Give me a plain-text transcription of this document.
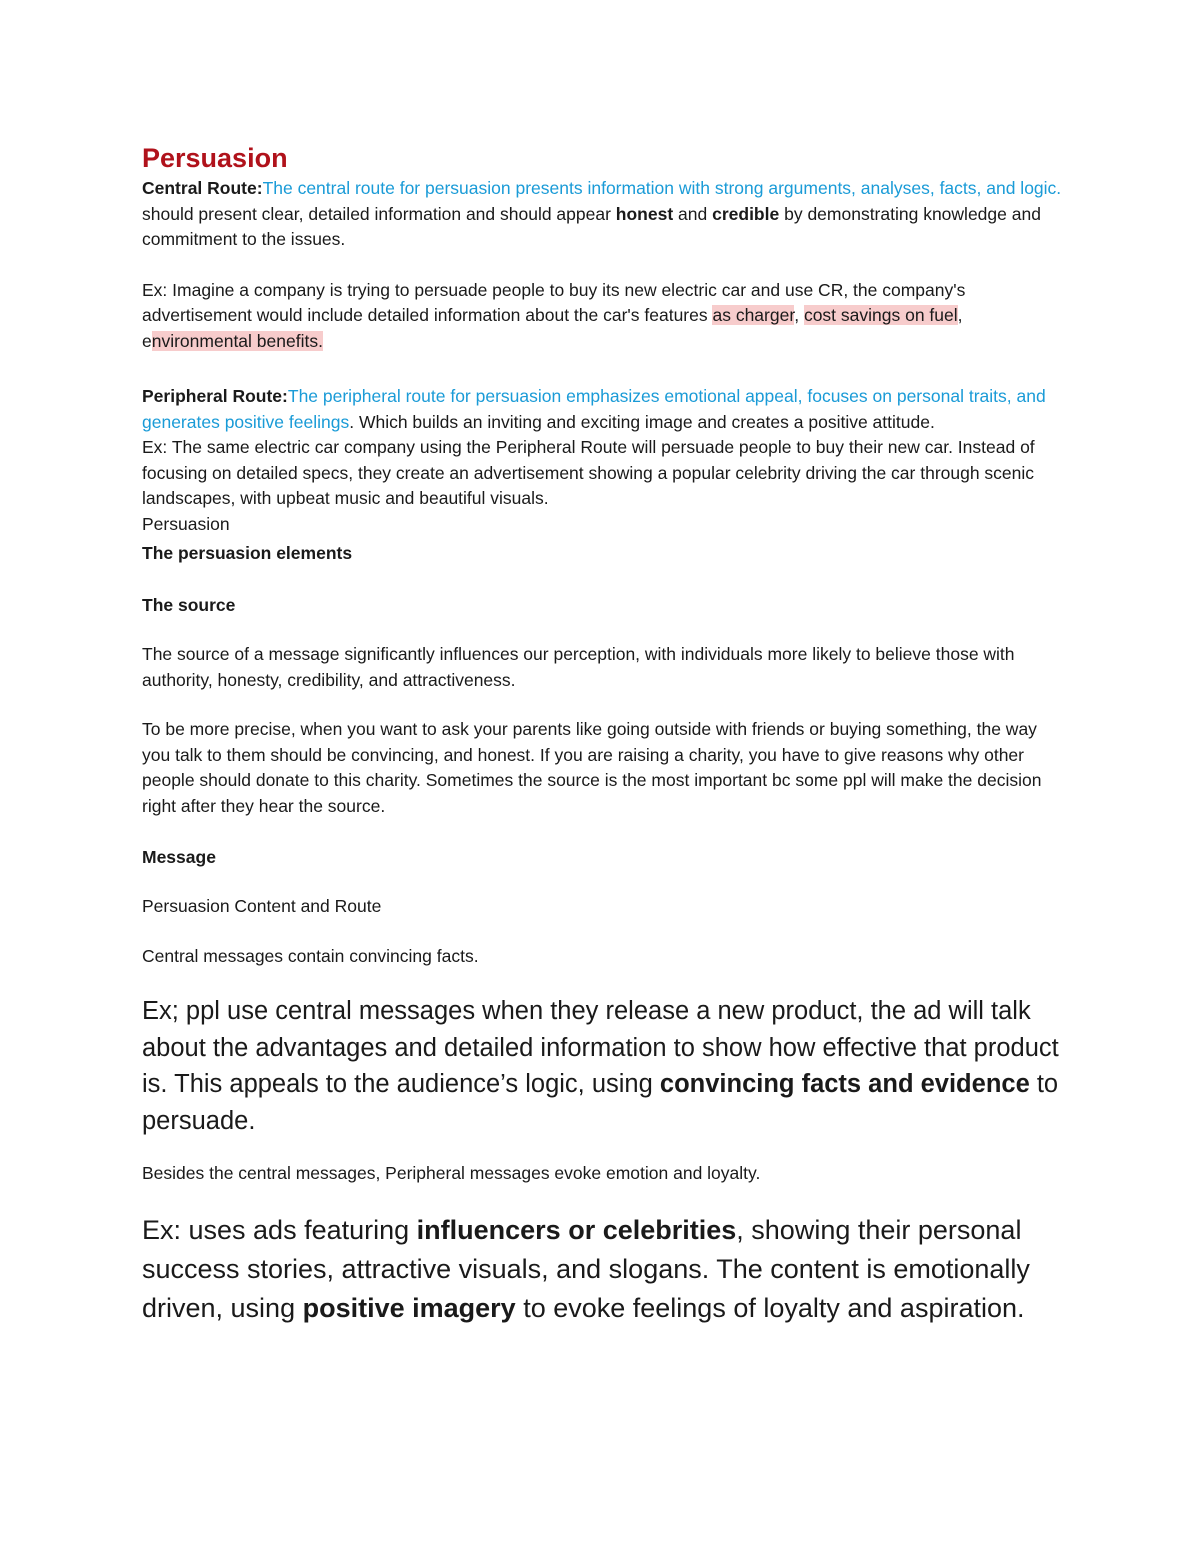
Persuasion

Central Route:The central route for persuasion presents information with strong arguments, analyses, facts, and logic. should present clear, detailed information and should appear honest and credible by demonstrating knowledge and commitment to the issues.

Ex: Imagine a company is trying to persuade people to buy its new electric car and use CR, the company's advertisement would include detailed information about the car's features as charger, cost savings on fuel, environmental benefits.

Peripheral Route:The peripheral route for persuasion emphasizes emotional appeal, focuses on personal traits, and generates positive feelings. Which builds an inviting and exciting image and creates a positive attitude.

Ex: The same electric car company using the Peripheral Route will persuade people to buy their new car. Instead of focusing on detailed specs, they create an advertisement showing a popular celebrity driving the car through scenic landscapes, with upbeat music and beautiful visuals.

Persuasion

The persuasion elements

The source

The source of a message significantly influences our perception, with individuals more likely to believe those with authority, honesty, credibility, and attractiveness.

To be more precise, when you want to ask your parents like going outside with friends or buying something, the way you talk to them should be convincing, and honest. If you are raising a charity, you have to give reasons why other people should donate to this charity. Sometimes the source is the most important bc some ppl will make the decision right after they hear the source.

Message

Persuasion Content and Route

Central messages contain convincing facts.

Ex; ppl use central messages when they release a new product, the ad will talk about the advantages and detailed information to show how effective that product is. This appeals to the audience’s logic, using convincing facts and evidence to persuade.

Besides the central messages, Peripheral messages evoke emotion and loyalty.

Ex: uses ads featuring influencers or celebrities, showing their personal success stories, attractive visuals, and slogans. The content is emotionally driven, using positive imagery to evoke feelings of loyalty and aspiration.
